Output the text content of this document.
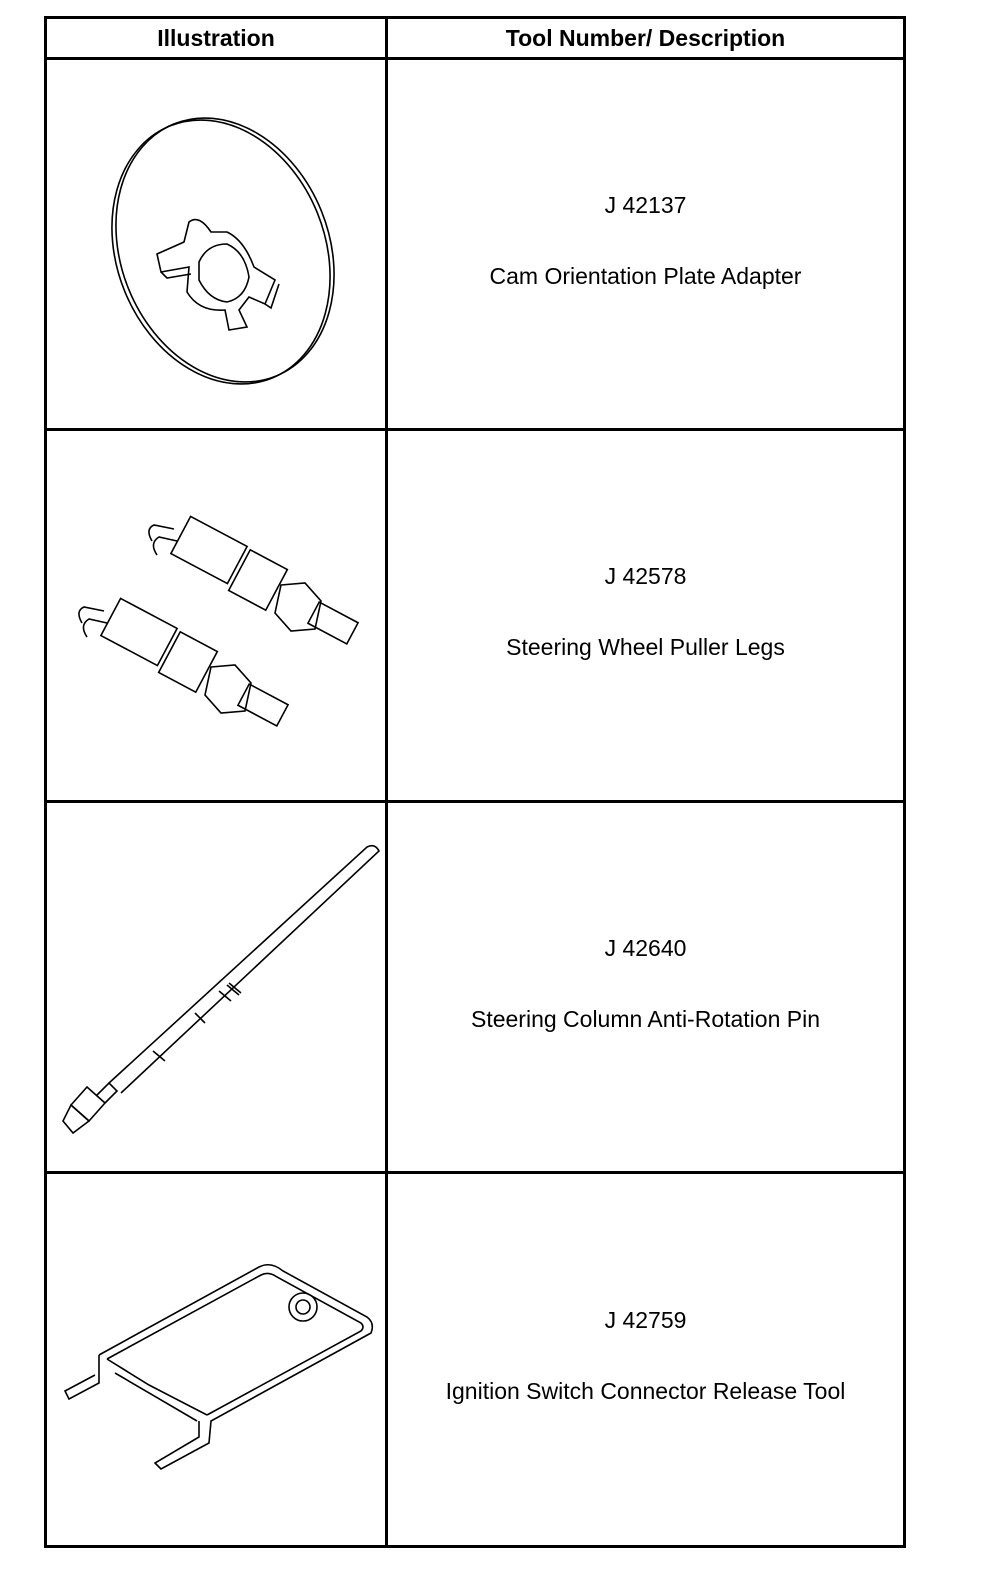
Illustration	Tool Number/ Description
J 42137
Cam Orientation Plate Adapter
J 42578
Steering Wheel Puller Legs
J 42640
Steering Column Anti-Rotation Pin
J 42759
Ignition Switch Connector Release Tool
